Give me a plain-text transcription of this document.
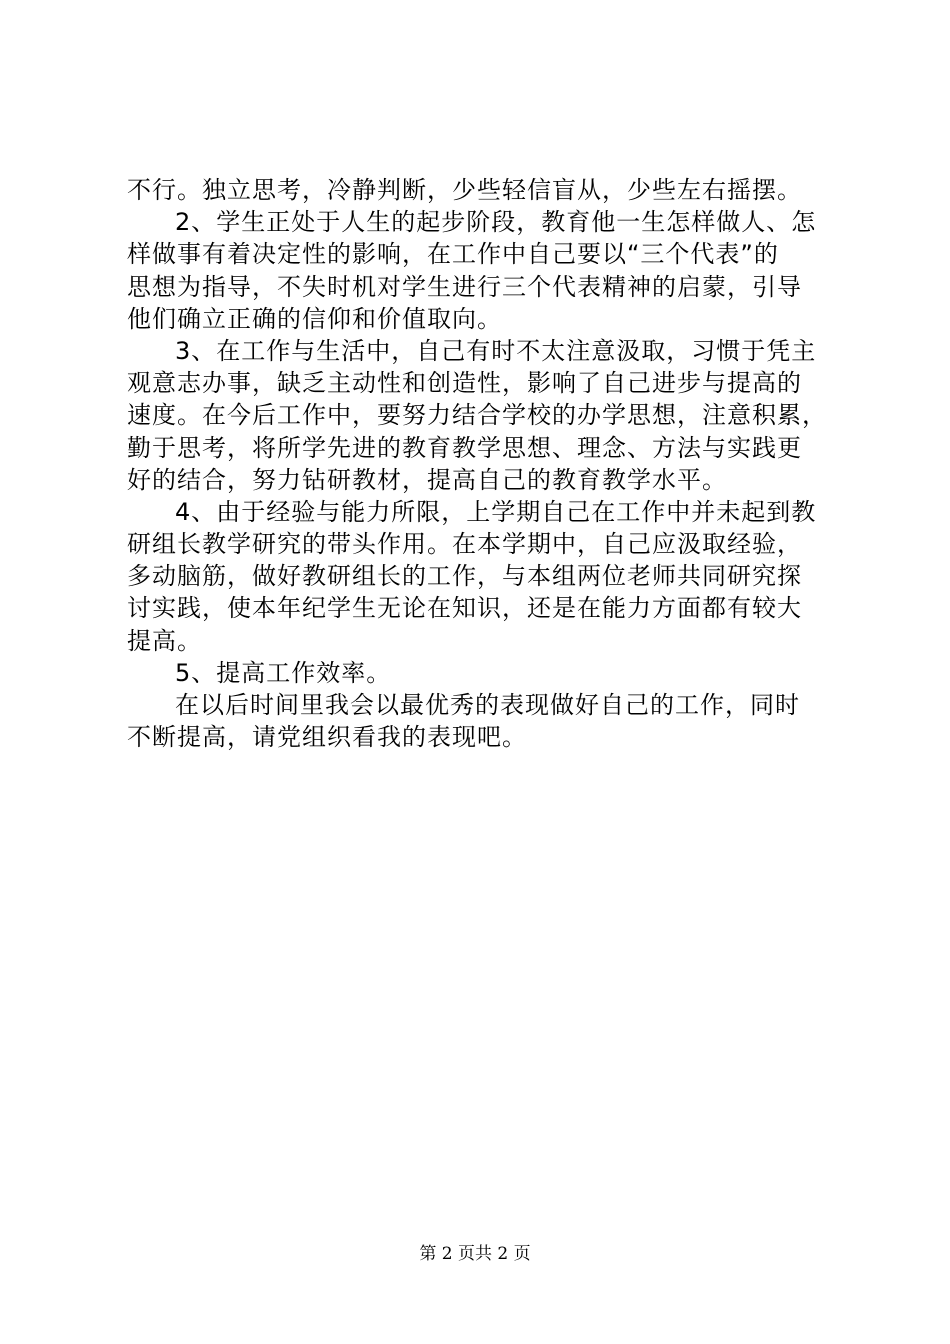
不行。独立思考，冷静判断，少些轻信盲从，少些左右摇摆。
2、学生正处于人生的起步阶段，教育他一生怎样做人、怎
样做事有着决定性的影响，在工作中自己要以“三个代表”的
思想为指导，不失时机对学生进行三个代表精神的启蒙，引导
他们确立正确的信仰和价值取向。
3、在工作与生活中，自己有时不太注意汲取，习惯于凭主
观意志办事，缺乏主动性和创造性，影响了自己进步与提高的
速度。在今后工作中，要努力结合学校的办学思想，注意积累，
勤于思考，将所学先进的教育教学思想、理念、方法与实践更
好的结合，努力钻研教材，提高自己的教育教学水平。
4、由于经验与能力所限，上学期自己在工作中并未起到教
研组长教学研究的带头作用。在本学期中，自己应汲取经验，
多动脑筋，做好教研组长的工作，与本组两位老师共同研究探
讨实践，使本年纪学生无论在知识，还是在能力方面都有较大
提高。
5、提高工作效率。
在以后时间里我会以最优秀的表现做好自己的工作，同时
不断提高，请党组织看我的表现吧。
第 2 页共 2 页
